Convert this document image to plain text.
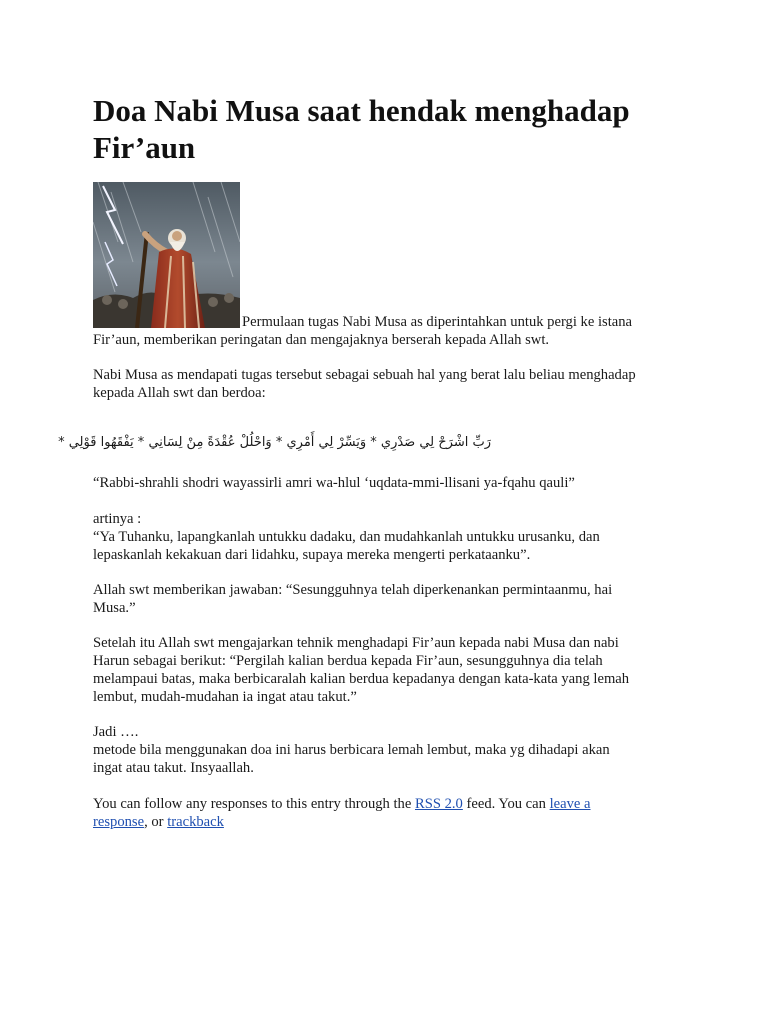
Doa Nabi Musa saat hendak menghadap Fir’aun
Permulaan tugas Nabi Musa as diperintahkan untuk pergi ke istana
Fir’aun, memberikan peringatan dan mengajaknya berserah kepada Allah swt.

Nabi Musa as mendapati tugas tersebut sebagai sebuah hal yang berat lalu beliau menghadap
kepada Allah swt dan berdoa:

رَبِّ اشْرَحْ لِي صَدْرِي * وَيَسِّرْ لِي أَمْرِي * وَاحْلُلْ عُقْدَةً مِنْ لِسَانِي * يَفْقَهُوا قَوْلِي *

“Rabbi-shrahli shodri wayassirli amri wa-hlul ‘uqdata-mmi-llisani ya-fqahu qauli”

artinya :
“Ya Tuhanku, lapangkanlah untukku dadaku, dan mudahkanlah untukku urusanku, dan
lepaskanlah kekakuan dari lidahku, supaya mereka mengerti perkataanku”.

Allah swt memberikan jawaban: “Sesungguhnya telah diperkenankan permintaanmu, hai
Musa.”

Setelah itu Allah swt mengajarkan tehnik menghadapi Fir’aun kepada nabi Musa dan nabi
Harun sebagai berikut: “Pergilah kalian berdua kepada Fir’aun, sesungguhnya dia telah
melampaui batas, maka berbicaralah kalian berdua kepadanya dengan kata-kata yang lemah
lembut, mudah-mudahan ia ingat atau takut.”

Jadi ….
metode bila menggunakan doa ini harus berbicara lemah lembut, maka yg dihadapi akan
ingat atau takut. Insyaallah.

You can follow any responses to this entry through the RSS 2.0 feed. You can leave a
response, or trackback
